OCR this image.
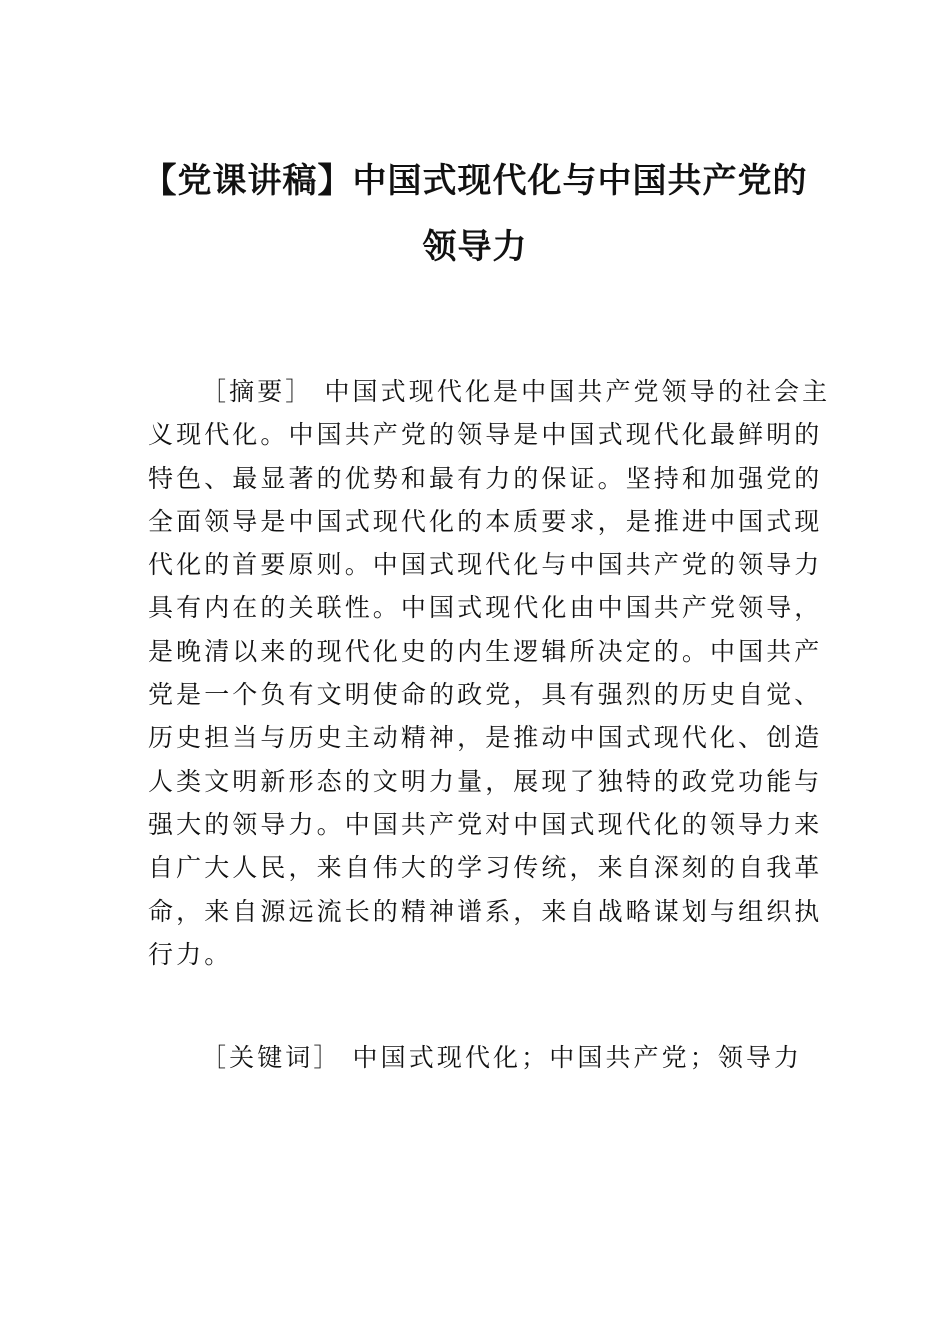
【党课讲稿】中国式现代化与中国共产党的
领导力
［摘要］ 中国式现代化是中国共产党领导的社会主
义现代化。中国共产党的领导是中国式现代化最鲜明的
特色、最显著的优势和最有力的保证。坚持和加强党的
全面领导是中国式现代化的本质要求，是推进中国式现
代化的首要原则。中国式现代化与中国共产党的领导力
具有内在的关联性。中国式现代化由中国共产党领导，
是晚清以来的现代化史的内生逻辑所决定的。中国共产
党是一个负有文明使命的政党，具有强烈的历史自觉、
历史担当与历史主动精神，是推动中国式现代化、创造
人类文明新形态的文明力量，展现了独特的政党功能与
强大的领导力。中国共产党对中国式现代化的领导力来
自广大人民，来自伟大的学习传统，来自深刻的自我革
命，来自源远流长的精神谱系，来自战略谋划与组织执
行力。

［关键词］ 中国式现代化；中国共产党；领导力
